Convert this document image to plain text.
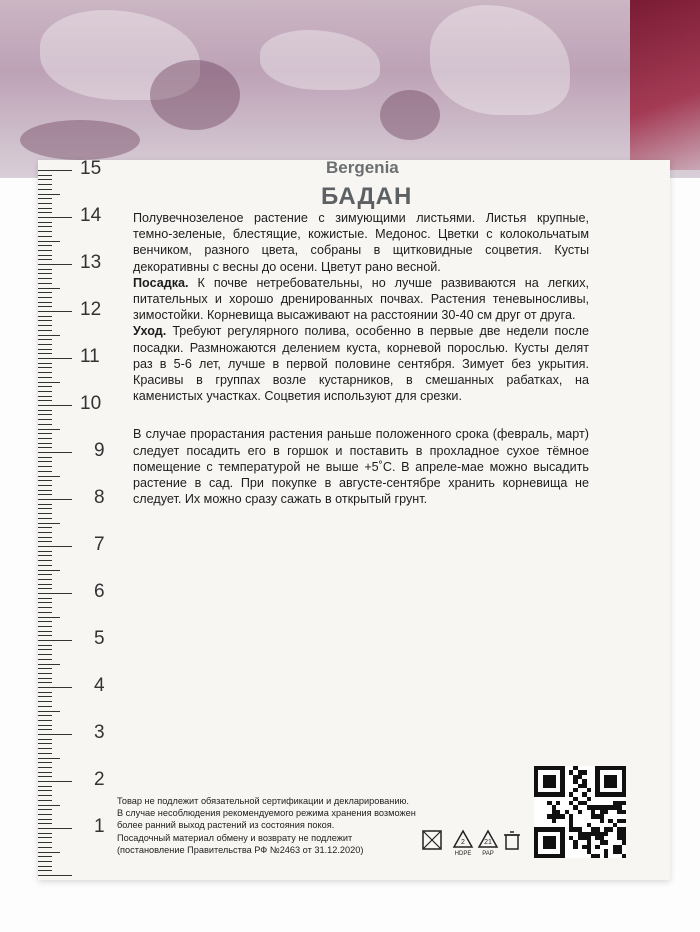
15
14
13
12
11
10
9
8
7
6
5
4
3
2
1
Bergenia
БАДАН

Полувечнозеленое растение с зимующими листьями. Листья крупные, темно-зеленые, блестящие, кожистые. Медонос. Цветки с колокольчатым венчиком, разного цвета, собраны в щитковидные соцветия. Кусты декоративны с весны до осени. Цветут рано весной.

Посадка. К почве нетребовательны, но лучше развиваются на легких, питательных и хорошо дренированных почвах. Растения теневыносливы, зимостойки. Корневища высаживают на расстоянии 30-40 см друг от друга.

Уход. Требуют регулярного полива, особенно в первые две недели после посадки. Размножаются делением куста, корневой порослью. Кусты делят раз в 5-6 лет, лучше в первой половине сентября. Зимует без укрытия. Красивы в группах возле кустарников, в смешанных рабатках, на каменистых участках. Соцветия используют для срезки.

В случае прорастания растения раньше положенного срока (февраль, март) следует посадить его в горшок и поставить в прохладное сухое тёмное помещение с температурой не выше +5˚С. В апреле-мае можно высадить растение в сад. При покупке в августе-сентябре хранить корневища не следует. Их можно сразу сажать в открытый грунт.

Товар не подлежит обязательной сертификации и декларированию.

В случае несоблюдения рекомендуемого режима хранения возможен более ранний выход растений из состояния покоя.

Посадочный материал обмену и возврату не подлежит

(постановление Правительства РФ №2463 от 31.12.2020)

2
HDPE
21
PAP
